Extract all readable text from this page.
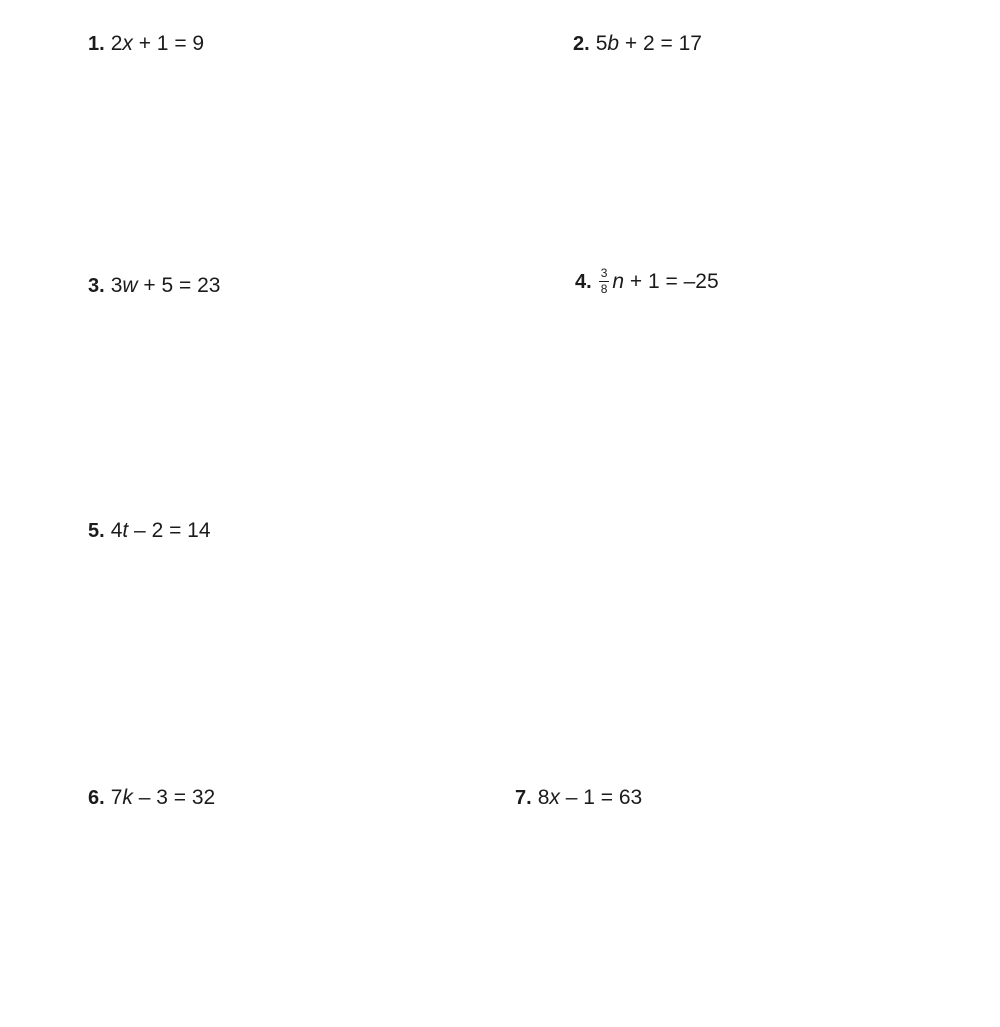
1. 2x + 1 = 9	2. 5b + 2 = 17
3. 3w + 5 = 23	4. $\frac{3}{8}$ n + 1 = –25
5. 4t – 2 = 14
6. 7k – 3 = 32	7. 8x – 1 = 63
